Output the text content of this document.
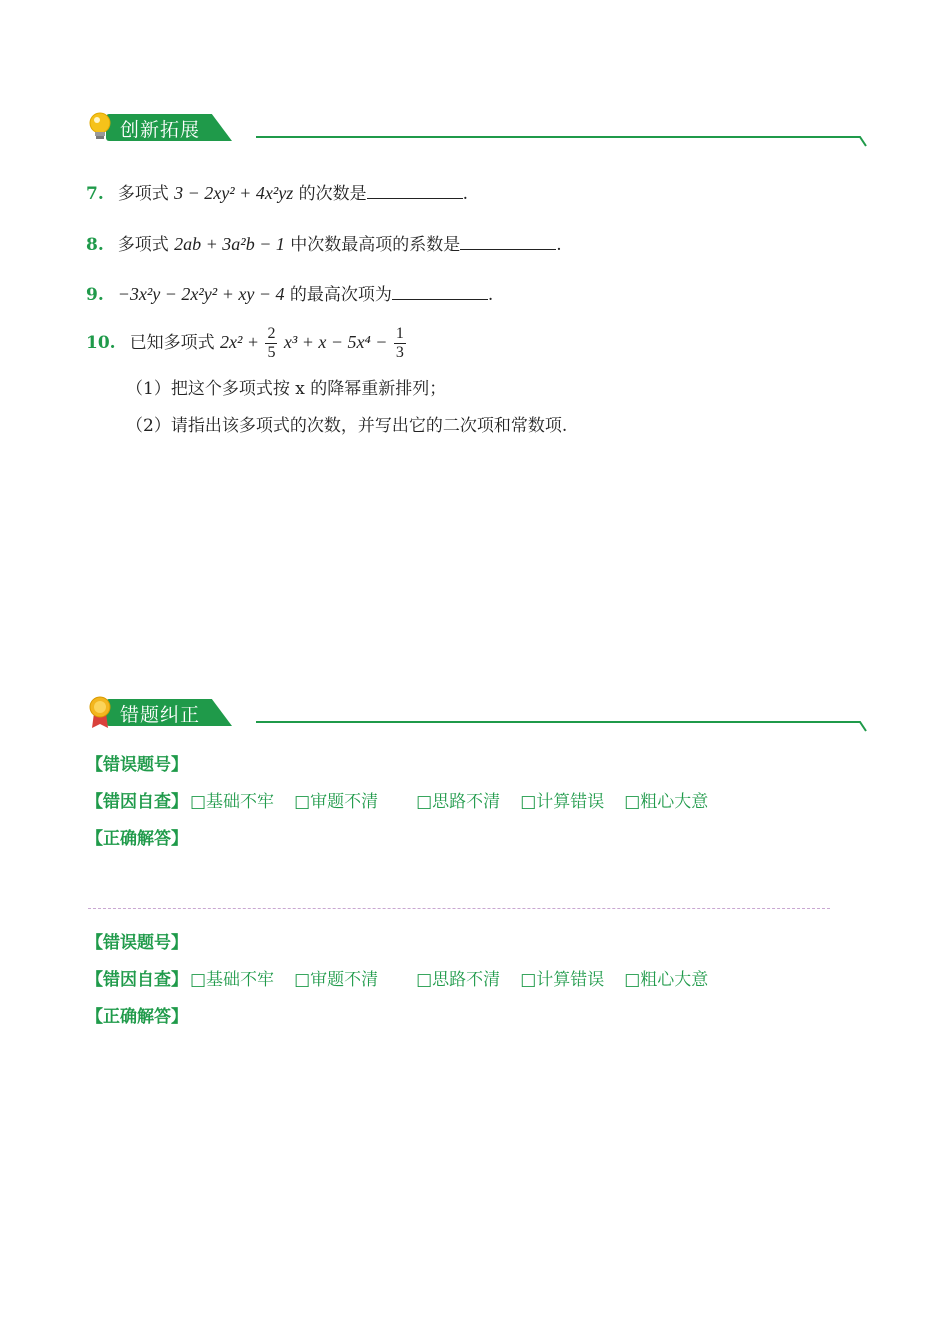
创新拓展
7. 多项式 3 − 2xy² + 4x²yz 的次数是	.
8. 多项式 2ab + 3a²b − 1 中次数最高项的系数是	.
9. −3x²y − 2x²y² + xy − 4 的最高次项为	.
10. 已知多项式 $2x^2 + \frac{2}{5} x^3 + x - 5x^4 - \frac{1}{3}$
（1）把这个多项式按 x 的降幂重新排列；
（2）请指出该多项式的次数，并写出它的二次项和常数项.
错题纠正
【错误题号】
【错因自查】 □基础不牢 □审题不清 □思路不清 □计算错误 □粗心大意
【正确解答】
【错误题号】
【错因自查】 □基础不牢 □审题不清 □思路不清 □计算错误 □粗心大意
【正确解答】
